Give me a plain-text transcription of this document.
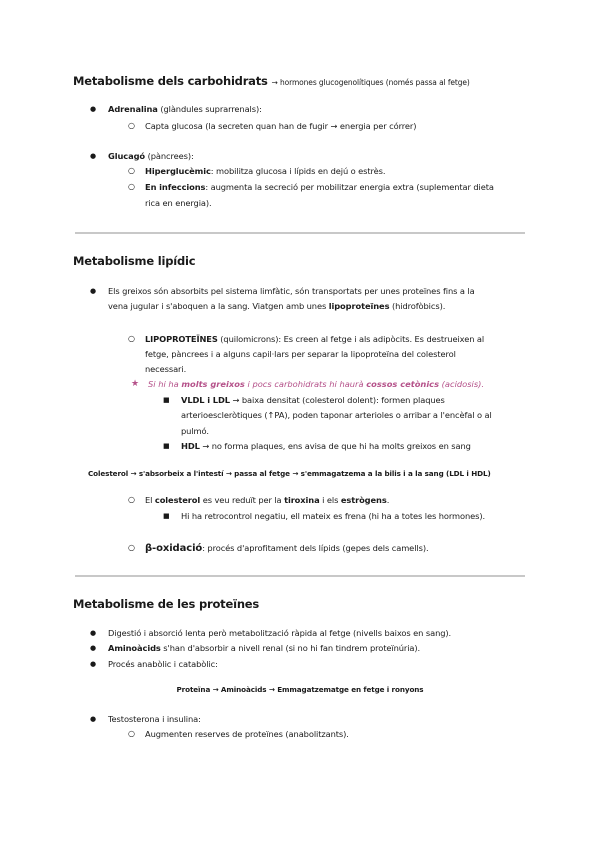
Metabolisme dels carbohidrats → hormones glucogenolítiques (només passa al fetge)
●
Adrenalina (glàndules suprarrenals):
○
Capta glucosa (la secreten quan han de fugir → energia per córrer)
●
Glucagó (pàncrees):
○
Hiperglucèmic: mobilitza glucosa i lípids en dejú o estrès.
○
En infeccions: augmenta la secreció per mobilitzar energia extra (suplementar dieta
rica en energia).
Metabolisme lipídic
●
Els greixos són absorbits pel sistema limfàtic, són transportats per unes proteïnes fins a la
vena jugular i s'aboquen a la sang. Viatgen amb unes lipoproteïnes (hidrofòbics).
○
LIPOPROTEÏNES (quilomicrons): Es creen al fetge i als adipòcits. Es destrueixen al
fetge, pàncrees i a alguns capil·lars per separar la lipoproteïna del colesterol
necessari.
★ Si hi ha molts greixos i pocs carbohidrats hi haurà cossos cetònics (acidosis).
■
VLDL i LDL → baixa densitat (colesterol dolent): formen plaques
arterioescleròtiques (↑PA), poden taponar arterioles o arribar a l'encèfal o al
pulmó.
■
HDL → no forma plaques, ens avisa de que hi ha molts greixos en sang
Colesterol → s'absorbeix a l'intestí → passa al fetge → s'emmagatzema a la bilis i a la sang (LDL i HDL)
○
El colesterol es veu reduït per la tiroxina i els estrògens.
■
Hi ha retrocontrol negatiu, ell mateix es frena (hi ha a totes les hormones).
○
β-oxidació: procés d'aprofitament dels lípids (gepes dels camells).
Metabolisme de les proteïnes
●
Digestió i absorció lenta però metabolització ràpida al fetge (nivells baixos en sang).
●
Aminoàcids s'han d'absorbir a nivell renal (si no hi fan tindrem proteïnúria).
●
Procés anabòlic i catabòlic:
Proteïna → Aminoàcids → Emmagatzematge en fetge i ronyons
●
Testosterona i insulina:
○
Augmenten reserves de proteïnes (anabolitzants).
